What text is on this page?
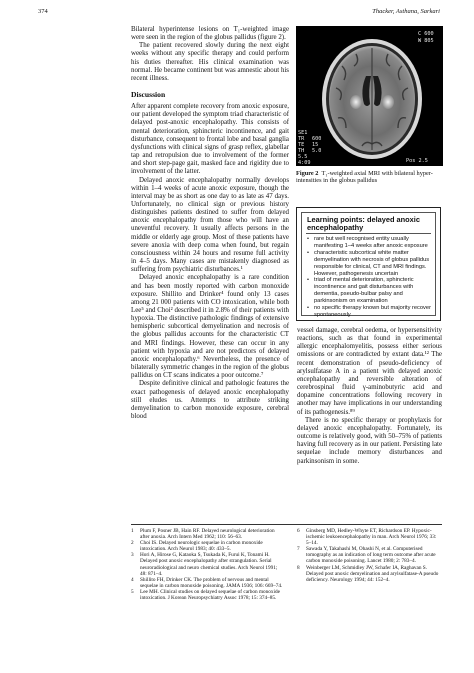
374	Thacker, Asthana, Sarkari

Bilateral hyperintense lesions on T₁-weighted image were seen in the region of the globus pallidus (figure 2).

The patient recovered slowly during the next eight weeks without any specific therapy and could perform his duties thereafter. His clinical examination was normal. He became continent but was amnestic about his recent illness.

Discussion

After apparent complete recovery from anoxic exposure, our patient developed the symptom triad characteristic of delayed post-anoxic encephalopathy. This consists of mental deterioration, sphincteric incontinence, and gait disturbance, consequent to frontal lobe and basal ganglia dysfunctions with clinical signs of grasp reflex, glabellar tap and retropulsion due to involvement of the former and short step-page gait, masked face and rigidity due to involvement of the latter.

Delayed anoxic encephalopathy normally develops within 1–4 weeks of acute anoxic exposure, though the interval may be as short as one day to as late as 47 days. Unfortunately, no clinical sign or previous history distinguishes patients destined to suffer from delayed anoxic encephalopathy from those who will have an uneventful recovery. It usually affects persons in the middle or elderly age group. Most of these patients have severe anoxia with deep coma when found, but regain consciousness within 24 hours and resume full activity in 4–5 days. Many cases are mistakenly diagnosed as suffering from psychiatric disturbances.¹

Delayed anoxic encephalopathy is a rare condition and has been mostly reported with carbon monoxide exposure. Shillito and Drinker⁴ found only 13 cases among 21 000 patients with CO intoxication, while both Lee⁵ and Choi² described it in 2.8% of their patients with hypoxia. The distinctive pathologic findings of extensive hemispheric subcortical demyelination and necrosis of the globus pallidus accounts for the characteristic CT and MRI findings. However, these can occur in any patient with hypoxia and are not predictors of delayed anoxic encephalopathy.⁶ Nevertheless, the presence of bilaterally symmetric changes in the region of the globus pallidus on CT scans indicates a poor outcome.⁷

Despite definitive clinical and pathologic features the exact pathogenesis of delayed anoxic encephalopathy still eludes us. Attempts to attribute striking demyelination to carbon monoxide exposure, cerebral blood

C 600
W 805
SE1
TR
TE
TH
5.5
4:09
600
15
5.0
Pos 2.5
Figure 2 T₁-weighted axial MRI with bilateral hyper-intensities in the globus pallidus
Learning points: delayed anoxic encephalopathy
• rare but well recognised entity usually manifesting 1–4 weeks after anoxic exposure
• characteristic subcortical white matter demyelination with necrosis of globus pallidus responsible for clinical, CT and MRI findings. However, pathogenesis uncertain
• triad of mental deterioration, sphincteric incontinence and gait disturbances with dementia, pseudo-bulbar palsy and parkinsonism on examination
• no specific therapy known but majority recover spontaneously

vessel damage, cerebral oedema, or hypersensitivity reactions, such as that found in experimental allergic encephalomyelitis, possess either serious omissions or are contradicted by extant data.¹² The recent demonstration of pseudo-deficiency of arylsulfatase A in a patient with delayed anoxic encephalopathy and reversible alteration of cerebrospinal fluid γ-aminobutyric acid and dopamine concentrations following recovery in another may have implications in our understanding of its pathogenesis.⁸⁹

There is no specific therapy or prophylaxis for delayed anoxic encephalopathy. Fortunately, its outcome is relatively good, with 50–75% of patients having full recovery as in our patient. Persisting late sequelae include memory disturbances and parkinsonism in some.

1 Plum F, Posner JB, Hain RF. Delayed neurological deterioration after anoxia. Arch Intern Med 1962; 110: 56–63.
2 Choi IS. Delayed neurologic sequelae in carbon monoxide intoxication. Arch Neurol 1983; 40: 433–5.
3 Hori A, Hirose G, Kataoka S, Tsukada K, Furui K, Tonami H. Delayed post anoxic encephalopathy after strangulation. Serial neuroradiological and neuro chemical studies. Arch Neurol 1991; 48: 871–4.
4 Shillito FH, Drinker CK. The problem of nervous and mental sequelae in carbon monoxide poisoning. JAMA 1936; 106: 669–74.
5 Lee MH. Clinical studies on delayed sequelae of carbon monoxide intoxication. J Korean Neuropsychiatry Assoc 1978; 15: 374–85.
6 Ginsberg MD, Hedley-Whyte ET, Richardson EP. Hypoxic-ischemic leukoencephalopathy in man. Arch Neurol 1976; 33: 5–14.
7 Sawada Y, Takahashi M, Ohashi N, et al. Computerised tomography as an indication of long term outcome after acute carbon monoxide poisoning. Lancet 1980; 2: 783–4.
8 Weinberger LM, Schmidley JW, Schafer IA, Raghavan S. Delayed post anoxic demyelination and arylsulfatase-A pseudo deficiency. Neurology 1994; 44: 152–4.
